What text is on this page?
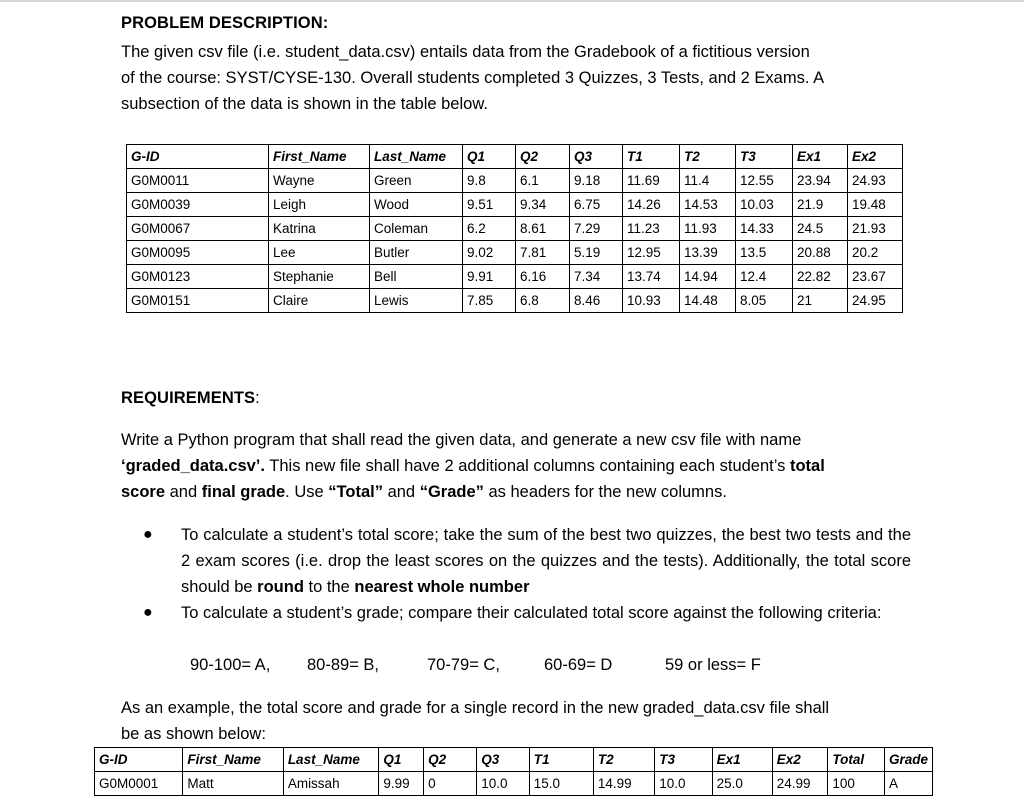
PROBLEM DESCRIPTION:
The given csv file (i.e. student_data.csv) entails data from the Gradebook of a fictitious version
of the course: SYST/CYSE-130. Overall students completed 3 Quizzes, 3 Tests, and 2 Exams. A
subsection of the data is shown in the table below.
G-ID	First_Name	Last_Name	Q1	Q2	Q3	T1	T2	T3	Ex1	Ex2
G0M0011	Wayne	Green	9.8	6.1	9.18	11.69	11.4	12.55	23.94	24.93
G0M0039	Leigh	Wood	9.51	9.34	6.75	14.26	14.53	10.03	21.9	19.48
G0M0067	Katrina	Coleman	6.2	8.61	7.29	11.23	11.93	14.33	24.5	21.93
G0M0095	Lee	Butler	9.02	7.81	5.19	12.95	13.39	13.5	20.88	20.2
G0M0123	Stephanie	Bell	9.91	6.16	7.34	13.74	14.94	12.4	22.82	23.67
G0M0151	Claire	Lewis	7.85	6.8	8.46	10.93	14.48	8.05	21	24.95
REQUIREMENTS:
Write a Python program that shall read the given data, and generate a new csv file with name
‘graded_data.csv’. This new file shall have 2 additional columns containing each student’s total
score and final grade. Use “Total” and “Grade” as headers for the new columns.
● To calculate a student’s total score; take the sum of the best two quizzes, the best two tests and the 2 exam scores (i.e. drop the least scores on the quizzes and the tests). Additionally, the total score should be round to the nearest whole number
● To calculate a student’s grade; compare their calculated total score against the following criteria:
90-100= A, 80-89= B,	70-79= C,	60-69= D	59 or less= F
As an example, the total score and grade for a single record in the new graded_data.csv file shall
be as shown below:
G-ID	First_Name	Last_Name	Q1	Q2	Q3	T1	T2	T3	Ex1	Ex2	Total	Grade
G0M0001	Matt	Amissah	9.99	0	10.0	15.0	14.99	10.0	25.0	24.99	100	A
